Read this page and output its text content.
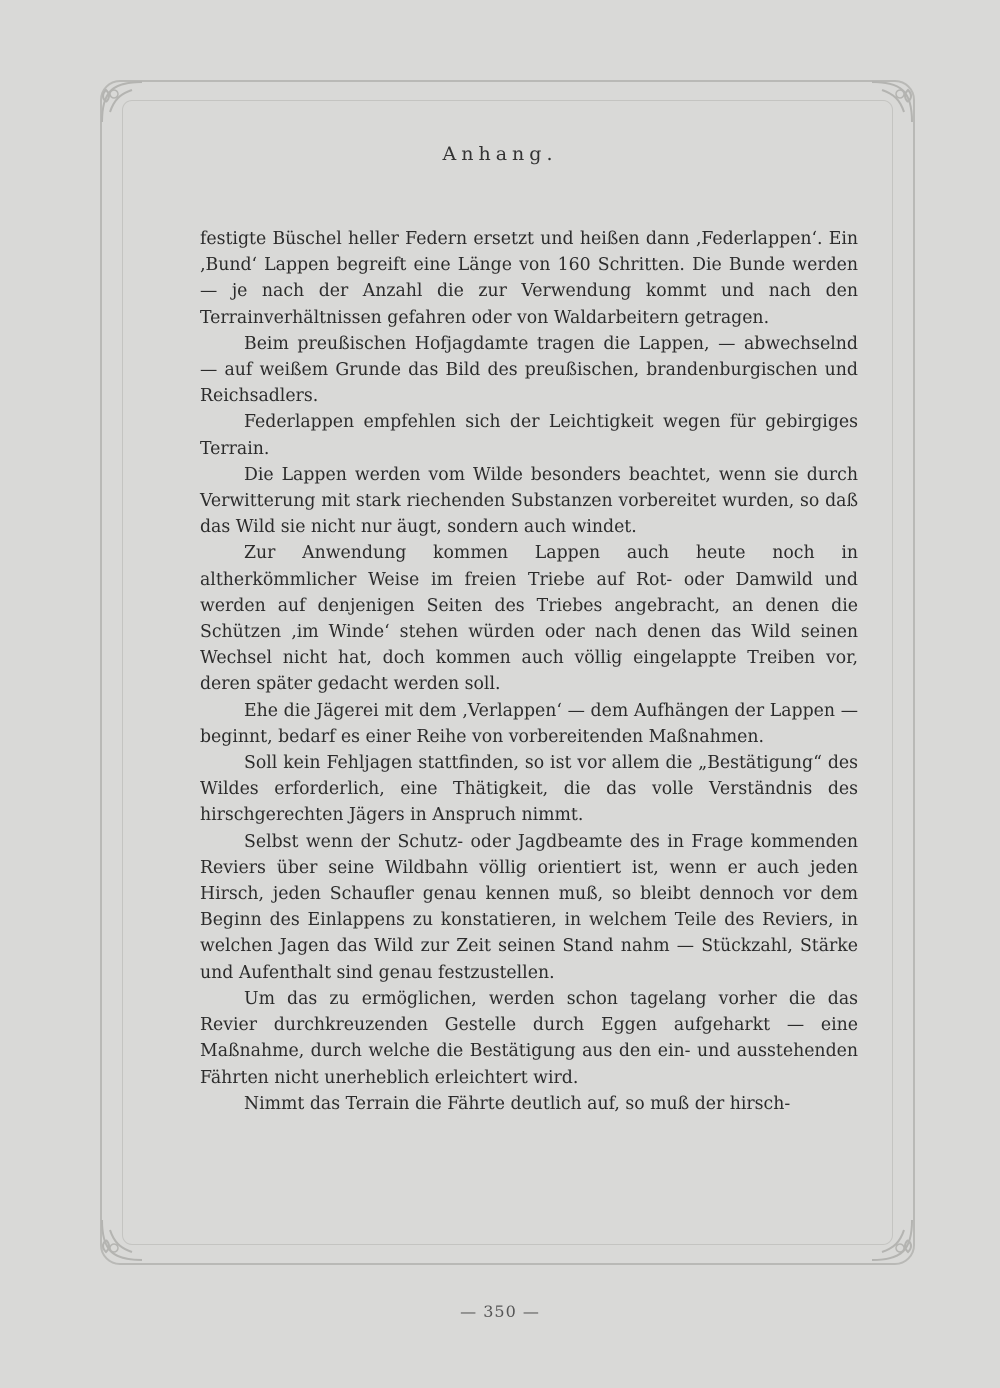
Anhang.

festigte Büschel heller Federn ersetzt und heißen dann ‚Federlappen‘. Ein ‚Bund‘ Lappen begreift eine Länge von 160 Schritten. Die Bunde werden — je nach der Anzahl die zur Verwendung kommt und nach den Terrainverhältnissen gefahren oder von Waldarbeitern getragen.

Beim preußischen Hofjagdamte tragen die Lappen, — abwechselnd — auf weißem Grunde das Bild des preußischen, brandenburgischen und Reichsadlers.

Federlappen empfehlen sich der Leichtigkeit wegen für gebirgiges Terrain.

Die Lappen werden vom Wilde besonders beachtet, wenn sie durch Verwitterung mit stark riechenden Substanzen vorbereitet wurden, so daß das Wild sie nicht nur äugt, sondern auch windet.

Zur Anwendung kommen Lappen auch heute noch in altherkömmlicher Weise im freien Triebe auf Rot- oder Damwild und werden auf denjenigen Seiten des Triebes angebracht, an denen die Schützen ‚im Winde‘ stehen würden oder nach denen das Wild seinen Wechsel nicht hat, doch kommen auch völlig eingelappte Treiben vor, deren später gedacht werden soll.

Ehe die Jägerei mit dem ‚Verlappen‘ — dem Aufhängen der Lappen — beginnt, bedarf es einer Reihe von vorbereitenden Maßnahmen.

Soll kein Fehljagen stattfinden, so ist vor allem die „Bestätigung“ des Wildes erforderlich, eine Thätigkeit, die das volle Verständnis des hirschgerechten Jägers in Anspruch nimmt.

Selbst wenn der Schutz- oder Jagdbeamte des in Frage kommenden Reviers über seine Wildbahn völlig orientiert ist, wenn er auch jeden Hirsch, jeden Schaufler genau kennen muß, so bleibt dennoch vor dem Beginn des Einlappens zu konstatieren, in welchem Teile des Reviers, in welchen Jagen das Wild zur Zeit seinen Stand nahm — Stückzahl, Stärke und Aufenthalt sind genau festzustellen.

Um das zu ermöglichen, werden schon tagelang vorher die das Revier durchkreuzenden Gestelle durch Eggen aufgeharkt — eine Maßnahme, durch welche die Bestätigung aus den ein- und ausstehenden Fährten nicht unerheblich erleichtert wird.

Nimmt das Terrain die Fährte deutlich auf, so muß der hirsch-

— 350 —
